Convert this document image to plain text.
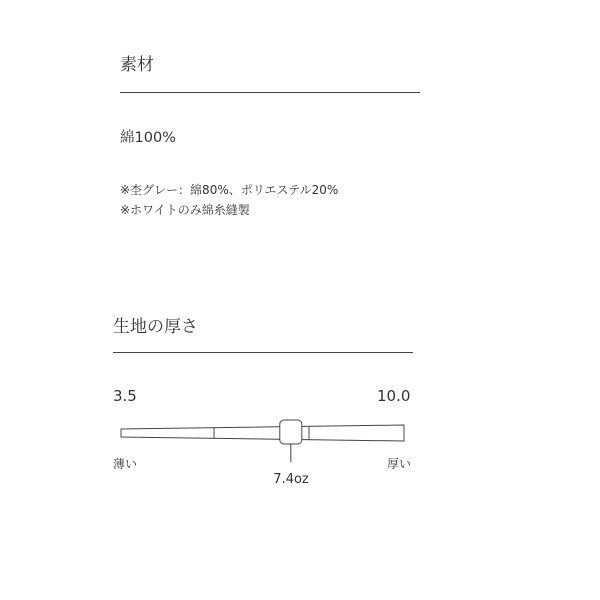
素材
綿100%
※杢グレー：綿80%、ポリエステル20%
※ホワイトのみ綿糸縫製
生地の厚さ
3.5	10.0
薄い	厚い
7.4oz
